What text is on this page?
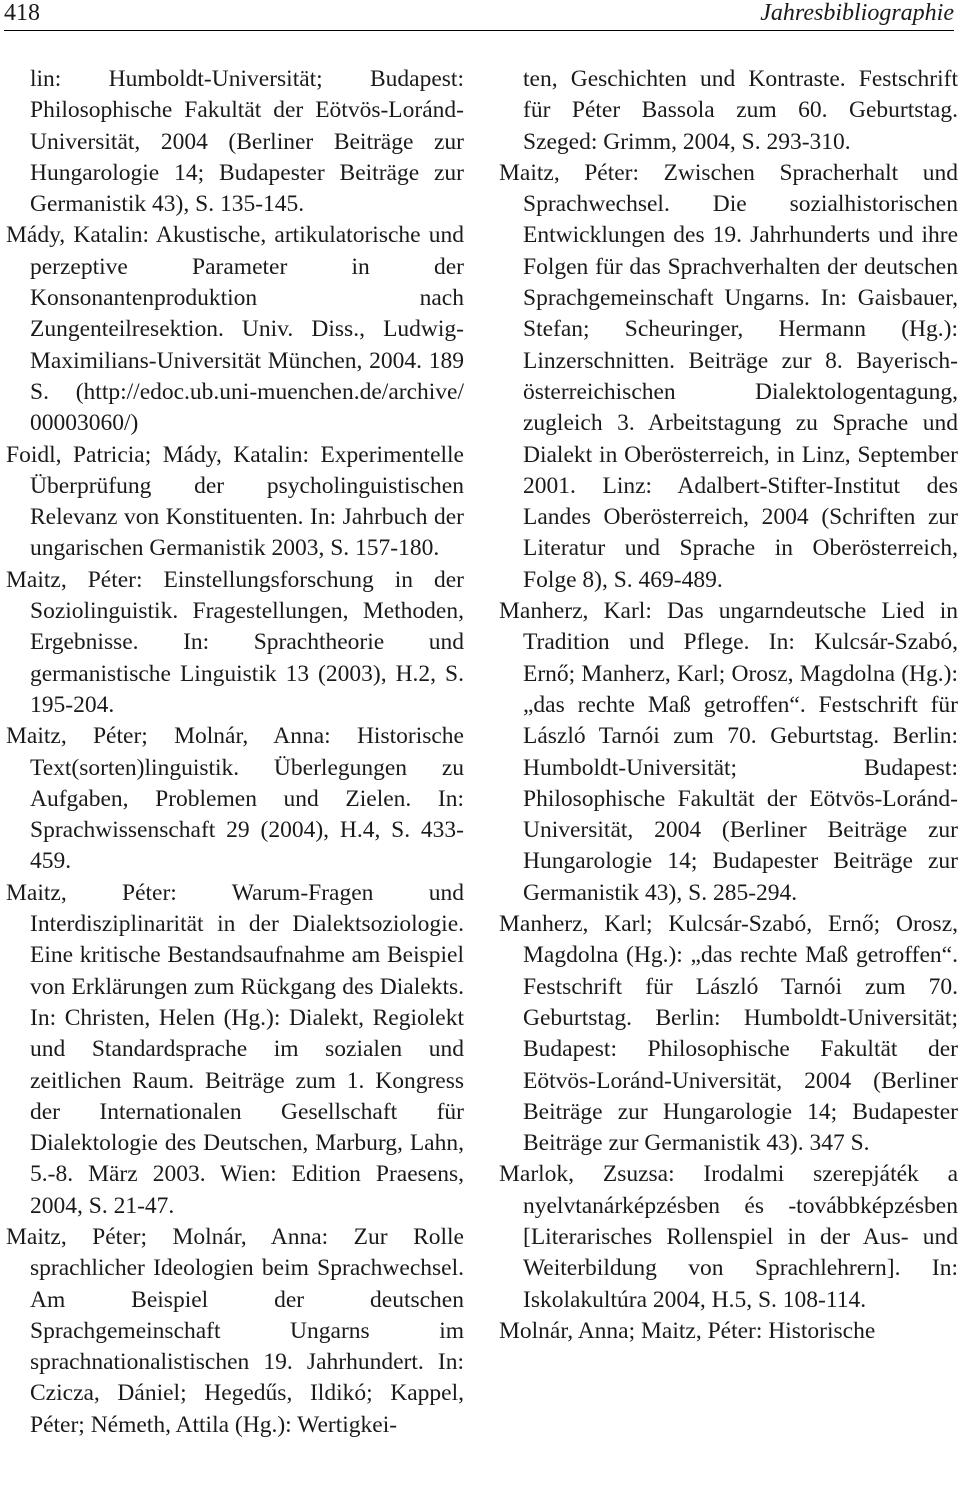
418	Jahresbibliographie

lin: Humboldt-Universität; Budapest: Philosophische Fakultät der Eötvös-Loránd-Universität, 2004 (Berliner Beiträge zur Hungarologie 14; Budapester Beiträge zur Germanistik 43), S. 135-145.

Mády, Katalin: Akustische, artikulatorische und perzeptive Parameter in der Konsonantenproduktion nach Zungenteilresektion. Univ. Diss., Ludwig-Maximilians-Universität München, 2004. 189 S. (http://edoc.ub.uni-muenchen.de/archive/ 00003060/)

Foidl, Patricia; Mády, Katalin: Experimentelle Überprüfung der psycholinguistischen Relevanz von Konstituenten. In: Jahrbuch der ungarischen Germanistik 2003, S. 157-180.

Maitz, Péter: Einstellungsforschung in der Soziolinguistik. Fragestellungen, Methoden, Ergebnisse. In: Sprachtheorie und germanistische Linguistik 13 (2003), H.2, S. 195-204.

Maitz, Péter; Molnár, Anna: Historische Text(sorten)linguistik. Überlegungen zu Aufgaben, Problemen und Zielen. In: Sprachwissenschaft 29 (2004), H.4, S. 433-459.

Maitz, Péter: Warum-Fragen und Interdisziplinarität in der Dialektsoziologie. Eine kritische Bestandsaufnahme am Beispiel von Erklärungen zum Rückgang des Dialekts. In: Christen, Helen (Hg.): Dialekt, Regiolekt und Standardsprache im sozialen und zeitlichen Raum. Beiträge zum 1. Kongress der Internationalen Gesellschaft für Dialektologie des Deutschen, Marburg, Lahn, 5.-8. März 2003. Wien: Edition Praesens, 2004, S. 21-47.

Maitz, Péter; Molnár, Anna: Zur Rolle sprachlicher Ideologien beim Sprachwechsel. Am Beispiel der deutschen Sprachgemeinschaft Ungarns im sprachnationalistischen 19. Jahrhundert. In: Czicza, Dániel; Hegedűs, Ildikó; Kappel, Péter; Németh, Attila (Hg.): Wertigkei-

ten, Geschichten und Kontraste. Festschrift für Péter Bassola zum 60. Geburtstag. Szeged: Grimm, 2004, S. 293-310.

Maitz, Péter: Zwischen Spracherhalt und Sprachwechsel. Die sozialhistorischen Entwicklungen des 19. Jahrhunderts und ihre Folgen für das Sprachverhalten der deutschen Sprachgemeinschaft Ungarns. In: Gaisbauer, Stefan; Scheuringer, Hermann (Hg.): Linzerschnitten. Beiträge zur 8. Bayerisch-österreichischen Dialektologentagung, zugleich 3. Arbeitstagung zu Sprache und Dialekt in Oberösterreich, in Linz, September 2001. Linz: Adalbert-Stifter-Institut des Landes Oberösterreich, 2004 (Schriften zur Literatur und Sprache in Oberösterreich, Folge 8), S. 469-489.

Manherz, Karl: Das ungarndeutsche Lied in Tradition und Pflege. In: Kulcsár-Szabó, Ernő; Manherz, Karl; Orosz, Magdolna (Hg.): „das rechte Maß getroffen“. Festschrift für László Tarnói zum 70. Geburtstag. Berlin: Humboldt-Universität; Budapest: Philosophische Fakultät der Eötvös-Loránd-Universität, 2004 (Berliner Beiträge zur Hungarologie 14; Budapester Beiträge zur Germanistik 43), S. 285-294.

Manherz, Karl; Kulcsár-Szabó, Ernő; Orosz, Magdolna (Hg.): „das rechte Maß getroffen“. Festschrift für László Tarnói zum 70. Geburtstag. Berlin: Humboldt-Universität; Budapest: Philosophische Fakultät der Eötvös-Loránd-Universität, 2004 (Berliner Beiträge zur Hungarologie 14; Budapester Beiträge zur Germanistik 43). 347 S.

Marlok, Zsuzsa: Irodalmi szerepjáték a nyelvtanárképzésben és -továbbképzésben [Literarisches Rollenspiel in der Aus- und Weiterbildung von Sprachlehrern]. In: Iskolakultúra 2004, H.5, S. 108-114.

Molnár, Anna; Maitz, Péter: Historische
